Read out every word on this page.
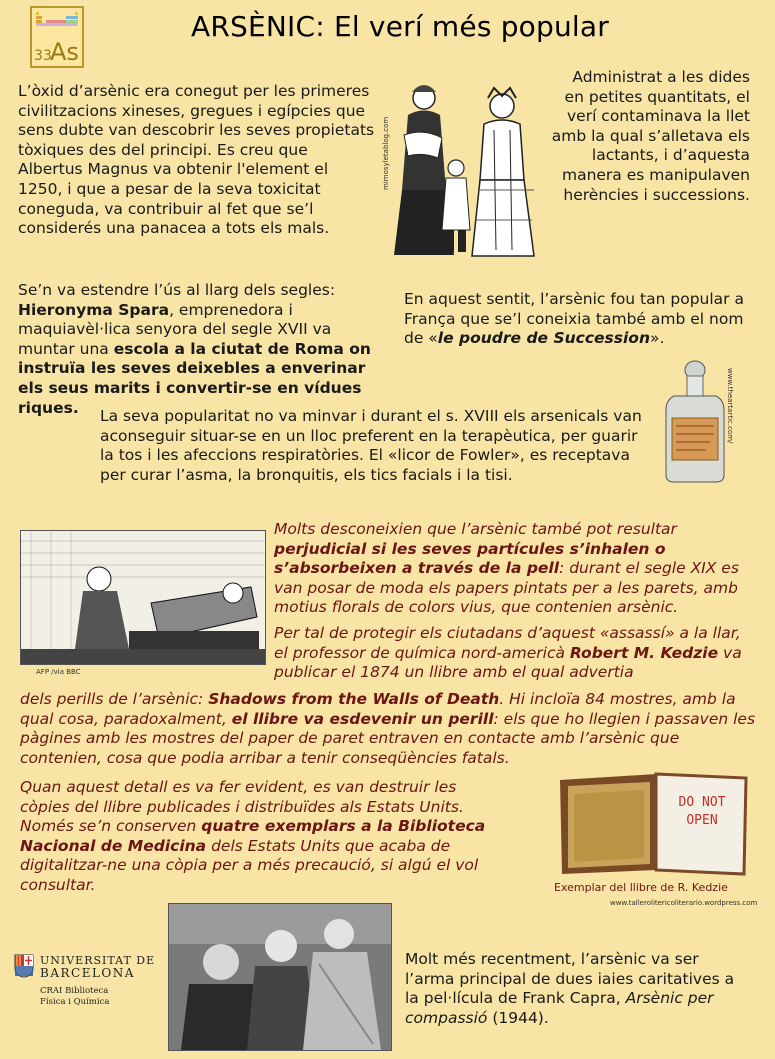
33
As
ARSÈNIC: El verí més popular
L’òxid d’arsènic era conegut per les primeres civilitzacions xineses, gregues i egípcies que sens dubte van descobrir les seves propietats tòxiques des del principi. Es creu que Albertus Magnus va obtenir l'element el 1250, i que a pesar de la seva toxicitat coneguda, va contribuir al fet que se’l considerés una panacea a tots els mals.
mimosyletablog.com
Administrat a les dides en petites quantitats, el verí contaminava la llet amb la qual s’alletava els lactants, i d’aquesta manera es manipulaven herències i successions.
Se’n va estendre l’ús al llarg dels segles: Hieronyma Spara, emprenedora i maquiavèl·lica senyora del segle XVII va muntar una escola a la ciutat de Roma on instruïa les seves deixebles a enverinar els seus marits i convertir-se en vídues riques.
En aquest sentit, l’arsènic fou tan popular a França que se’l coneixia també amb el nom de «le poudre de Succession».
La seva popularitat no va minvar i durant el s. XVIII els arsenicals van aconseguir situar-se en un lloc preferent en la terapèutica, per guarir la tos i les afeccions respiratòries. El «licor de Fowler», es receptava per curar l’asma, la bronquitis, els tics facials i la tisi.
www.theartartic.com/
AFP /via BBC
Molts desconeixien que l’arsènic també pot resultar perjudicial si les seves partícules s’inhalen o s’absorbeixen a través de la pell: durant el segle XIX es van posar de moda els papers pintats per a les parets, amb motius florals de colors vius, que contenien arsènic.
Per tal de protegir els ciutadans d’aquest «assassí» a la llar, el professor de química nord-americà Robert M. Kedzie va publicar el 1874 un llibre amb el qual advertia
dels perills de l’arsènic: Shadows from the Walls of Death. Hi incloïa 84 mostres, amb la qual cosa, paradoxalment, el llibre va esdevenir un perill: els que ho llegien i passaven les pàgines amb les mostres del paper de paret entraven en contacte amb l’arsènic que contenien, cosa que podia arribar a tenir conseqüències fatals.
Quan aquest detall es va fer evident, es van destruir les còpies del llibre publicades i distribuïdes als Estats Units. Només se’n conserven quatre exemplars a la Biblioteca Nacional de Medicina dels Estats Units que acaba de digitalitzar-ne una còpia per a més precaució, si algú el vol consultar.
DO NOT
OPEN
Exemplar del llibre de R. Kedzie
www.tallerolitericoliterario.wordpress.com
Molt més recentment, l’arsènic va ser l’arma principal de dues iaies caritatives a la pel·lícula de Frank Capra, Arsènic per compassió (1944).
UNIVERSITAT DE
BARCELONA
CRAI Biblioteca
Física i Química
